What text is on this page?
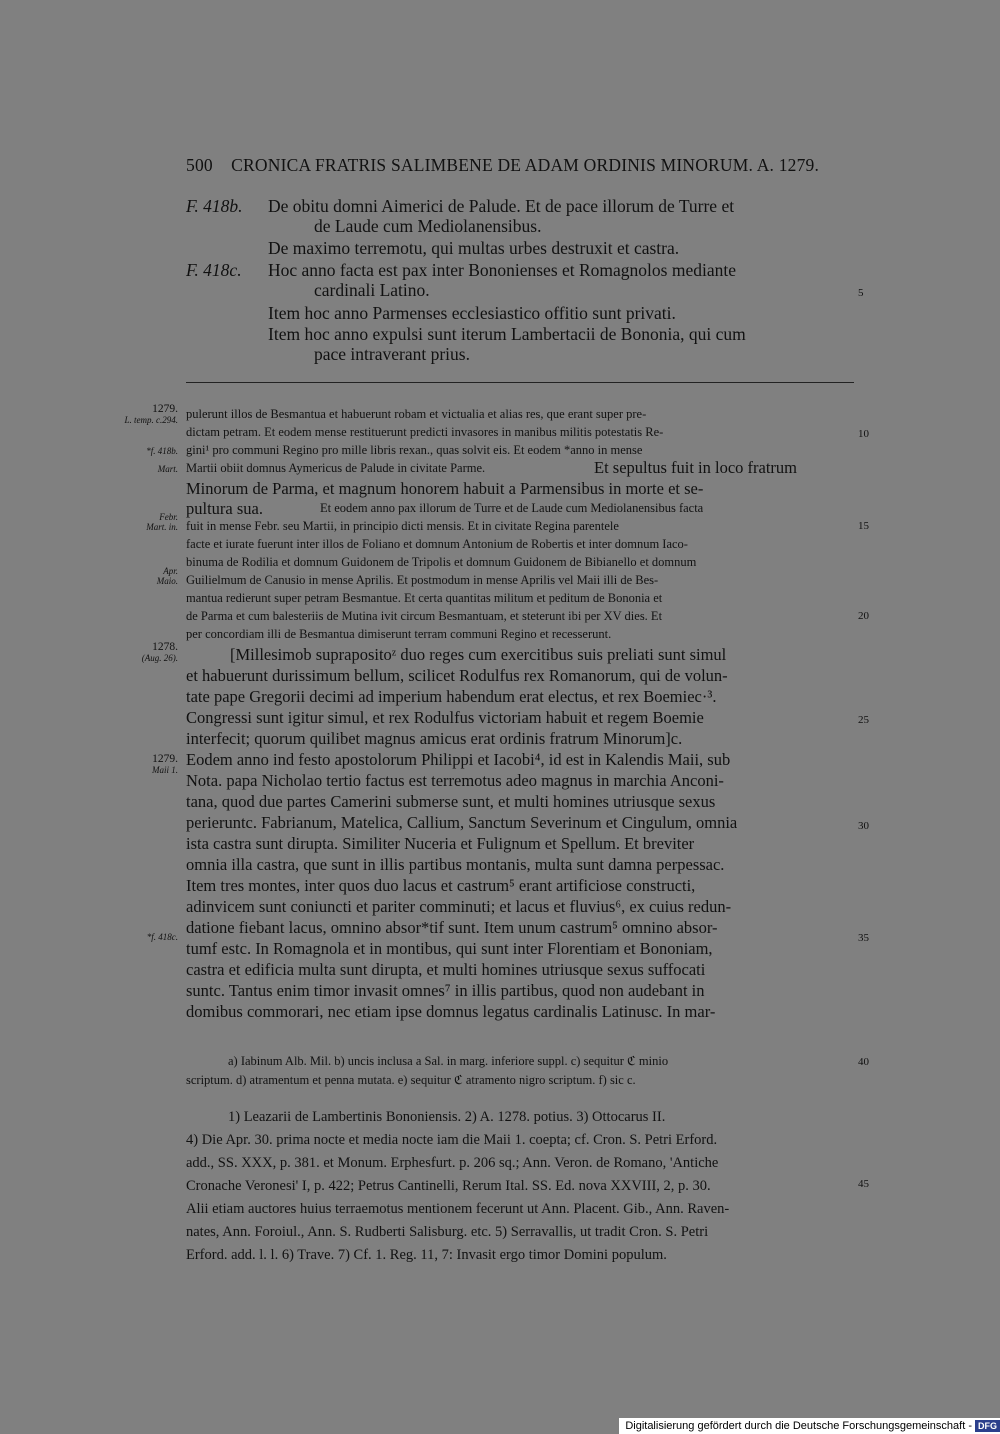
500 CRONICA FRATRIS SALIMBENE DE ADAM ORDINIS MINORUM. A. 1279.
F. 418b. De obitu domni Aimerici de Palude. Et de pace illorum de Turre et
de Laude cum Mediolanensibus.
De maximo terremotu, qui multas urbes destruxit et castra.
F. 418c. Hoc anno facta est pax inter Bononienses et Romagnolos mediante
cardinali Latino.
Item hoc anno Parmenses ecclesiastico offitio sunt privati.
Item hoc anno expulsi sunt iterum Lambertacii de Bononia, qui cum
pace intraverant prius.
5
1279.
L. temp. c.294.
*f. 418b.
Mart.
Febr.
Mart. in.
Apr.
Maio.
1278.
(Aug. 26).
1279.
Maii 1.
*f. 418c.
pulerunt illos de Besmantua et habuerunt robam et victualia et alias res, que erant super pre-
dictam petram. Et eodem mense restituerunt predicti invasores in manibus militis potestatis Re-
gini¹ pro communi Regino pro mille libris rexan., quas solvit eis. Et eodem *anno in mense
Martii obiit domnus Aymericus de Palude in civitate Parme.	Et sepultus fuit in loco fratrum
Minorum de Parma, et magnum honorem habuit a Parmensibus in morte et se-
pultura sua.	Et eodem anno pax illorum de Turre et de Laude cum Mediolanensibus facta
fuit in mense Febr. seu Martii, in principio dicti mensis. Et in civitate Regina parentele
facte et iurate fuerunt inter illos de Foliano et domnum Antonium de Robertis et inter domnum Iaco-
binuma de Rodilia et domnum Guidonem de Tripolis et domnum Guidonem de Bibianello et domnum
Guilielmum de Canusio in mense Aprilis. Et postmodum in mense Aprilis vel Maii illi de Bes-
mantua redierunt super petram Besmantue. Et certa quantitas militum et peditum de Bononia et
de Parma et cum balesteriis de Mutina ivit circum Besmantuam, et steterunt ibi per XV dies. Et
per concordiam illi de Besmantua dimiserunt terram communi Regino et recesserunt.
[Millesimob suprapositoᶻ duo reges cum exercitibus suis preliati sunt simul
et habuerunt durissimum bellum, scilicet Rodulfus rex Romanorum, qui de volun-
tate pape Gregorii decimi ad imperium habendum erat electus, et rex Boemiec·³.
Congressi sunt igitur simul, et rex Rodulfus victoriam habuit et regem Boemie
interfecit; quorum quilibet magnus amicus erat ordinis fratrum Minorum]c.
Eodem anno ind festo apostolorum Philippi et Iacobi⁴, id est in Kalendis Maii, sub
Nota. papa Nicholao tertio factus est terremotus adeo magnus in marchia Anconi-
tana, quod due partes Camerini submerse sunt, et multi homines utriusque sexus
perieruntc. Fabrianum, Matelica, Callium, Sanctum Severinum et Cingulum, omnia
ista castra sunt dirupta. Similiter Nuceria et Fulignum et Spellum. Et breviter
omnia illa castra, que sunt in illis partibus montanis, multa sunt damna perpessac.
Item tres montes, inter quos duo lacus et castrum⁵ erant artificiose constructi,
adinvicem sunt coniuncti et pariter comminuti; et lacus et fluvius⁶, ex cuius redun-
datione fiebant lacus, omnino absor*tif sunt. Item unum castrum⁵ omnino absor-
tumf estc. In Romagnola et in montibus, qui sunt inter Florentiam et Bononiam,
castra et edificia multa sunt dirupta, et multi homines utriusque sexus suffocati
suntc. Tantus enim timor invasit omnes⁷ in illis partibus, quod non audebant in
domibus commorari, nec etiam ipse domnus legatus cardinalis Latinusc. In mar-
10
15
20
25
30
35
40
45
a) Iabinum Alb. Mil. b) uncis inclusa a Sal. in marg. inferiore suppl. c) sequitur ℭ minio
scriptum. d) atramentum et penna mutata. e) sequitur ℭ atramento nigro scriptum. f) sic c.
1) Leazarii de Lambertinis Bononiensis. 2) A. 1278. potius. 3) Ottocarus II.
4) Die Apr. 30. prima nocte et media nocte iam die Maii 1. coepta; cf. Cron. S. Petri Erford.
add., SS. XXX, p. 381. et Monum. Erphesfurt. p. 206 sq.; Ann. Veron. de Romano, 'Antiche
Cronache Veronesi' I, p. 422; Petrus Cantinelli, Rerum Ital. SS. Ed. nova XXVIII, 2, p. 30.
Alii etiam auctores huius terraemotus mentionem fecerunt ut Ann. Placent. Gib., Ann. Raven-
nates, Ann. Foroiul., Ann. S. Rudberti Salisburg. etc. 5) Serravallis, ut tradit Cron. S. Petri
Erford. add. l. l. 6) Trave. 7) Cf. 1. Reg. 11, 7: Invasit ergo timor Domini populum.
Digitalisierung gefördert durch die Deutsche Forschungsgemeinschaft - DFG
